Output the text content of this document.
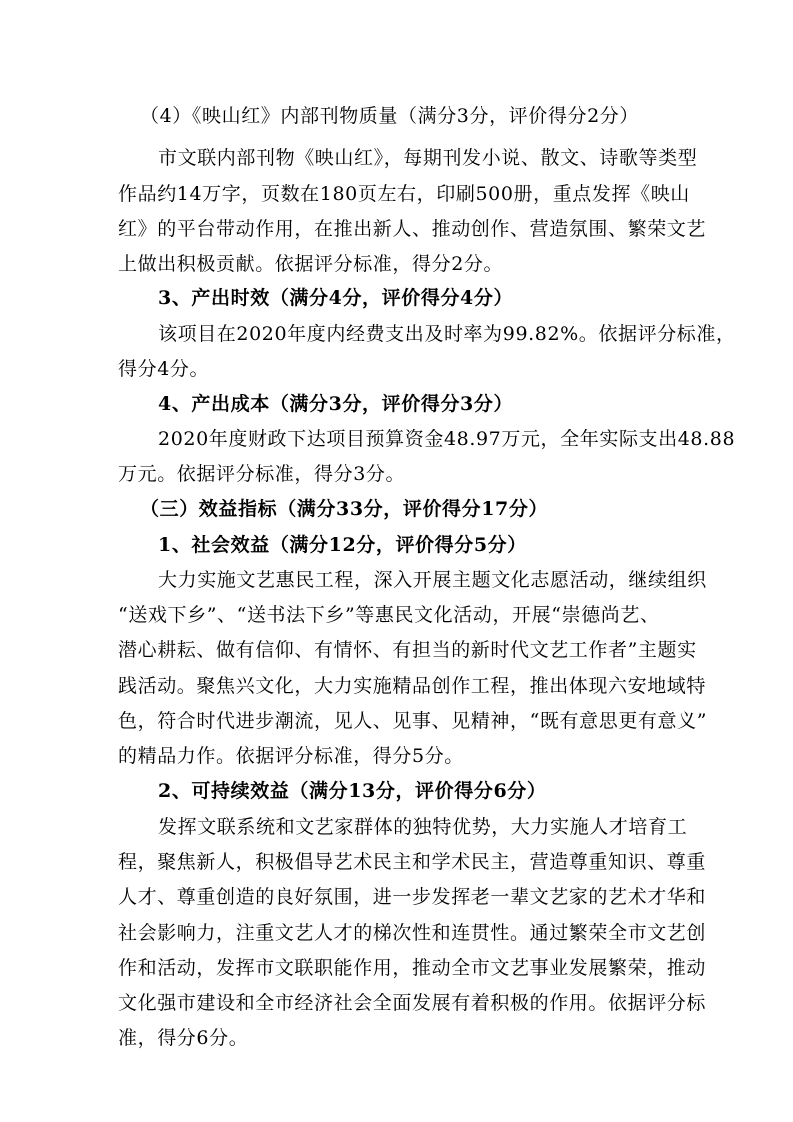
（4）《映山红》内部刊物质量（满分3分，评价得分2分）
市文联内部刊物《映山红》，每期刊发小说、散文、诗歌等类型
作品约14万字，页数在180页左右，印刷500册，重点发挥《映山
红》的平台带动作用，在推出新人、推动创作、营造氛围、繁荣文艺
上做出积极贡献。依据评分标准，得分2分。
3、产出时效（满分4分，评价得分4分）
该项目在2020年度内经费支出及时率为99.82%。依据评分标准，
得分4分。
4、产出成本（满分3分，评价得分3分）
2020年度财政下达项目预算资金48.97万元，全年实际支出48.88
万元。依据评分标准，得分3分。
（三）效益指标（满分33分，评价得分17分）
1、社会效益（满分12分，评价得分5分）
大力实施文艺惠民工程，深入开展主题文化志愿活动，继续组织
“送戏下乡”、“送书法下乡”等惠民文化活动，开展“崇德尚艺、
潜心耕耘、做有信仰、有情怀、有担当的新时代文艺工作者”主题实
践活动。聚焦兴文化，大力实施精品创作工程，推出体现六安地域特
色，符合时代进步潮流，见人、见事、见精神，“既有意思更有意义”
的精品力作。依据评分标准，得分5分。
2、可持续效益（满分13分，评价得分6分）
发挥文联系统和文艺家群体的独特优势，大力实施人才培育工
程，聚焦新人，积极倡导艺术民主和学术民主，营造尊重知识、尊重
人才、尊重创造的良好氛围，进一步发挥老一辈文艺家的艺术才华和
社会影响力，注重文艺人才的梯次性和连贯性。通过繁荣全市文艺创
作和活动，发挥市文联职能作用，推动全市文艺事业发展繁荣，推动
文化强市建设和全市经济社会全面发展有着积极的作用。依据评分标
准，得分6分。
